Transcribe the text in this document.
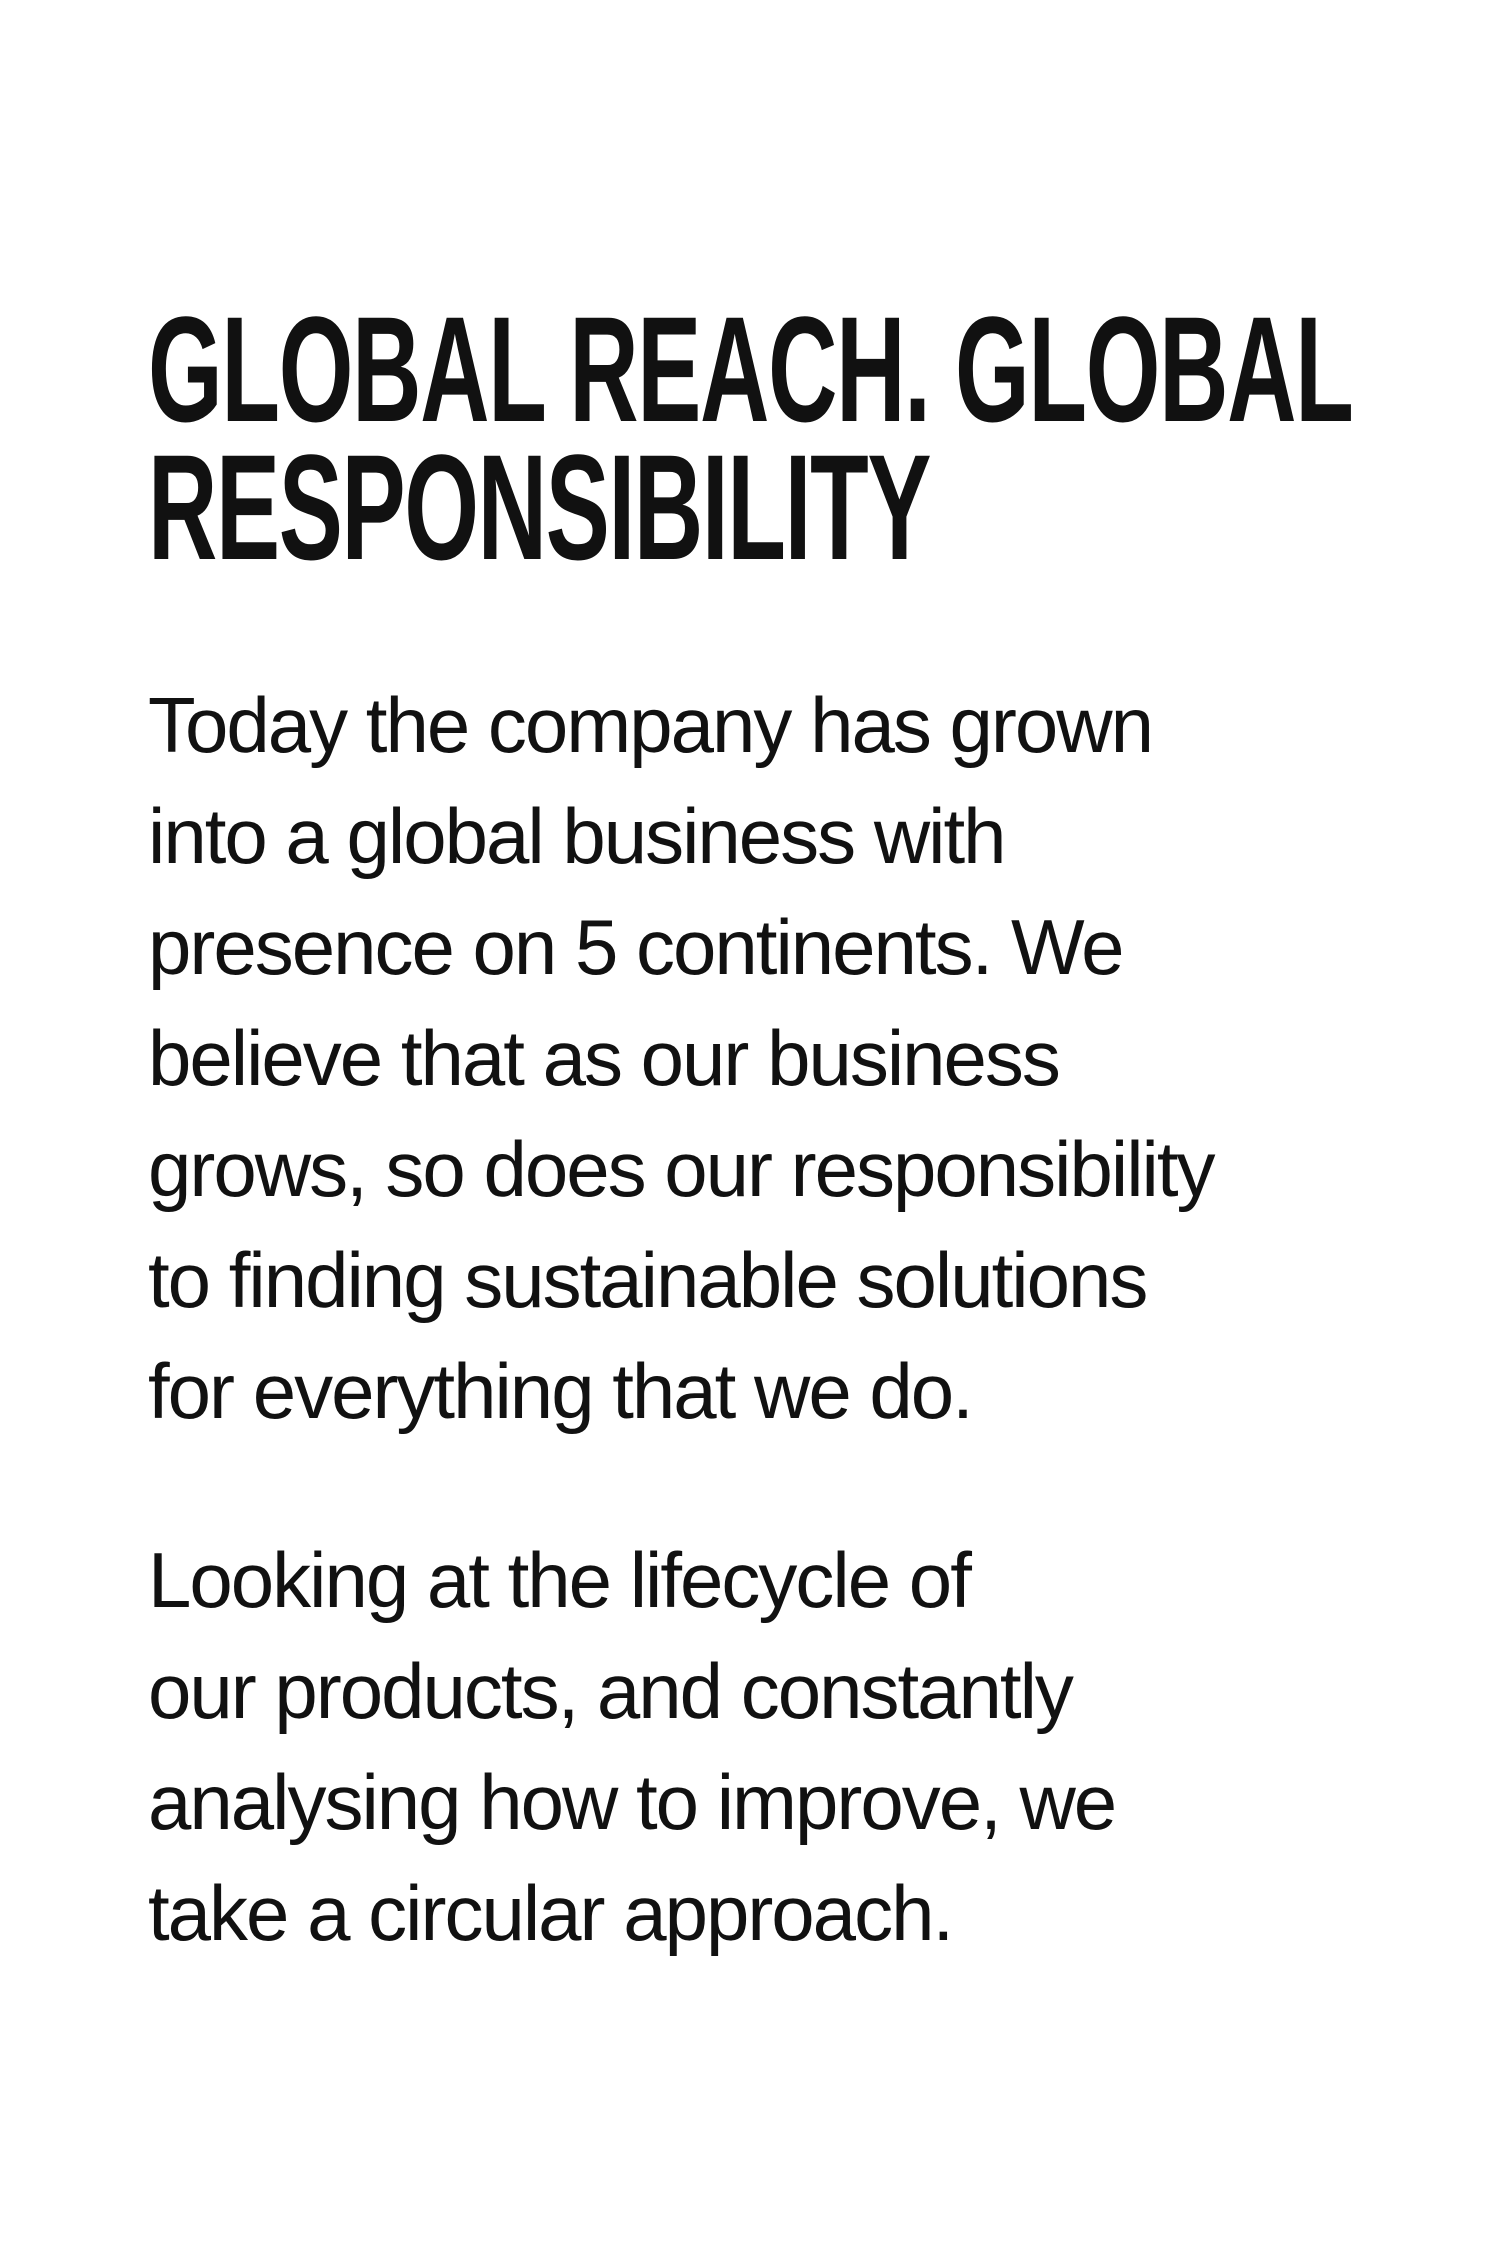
GLOBAL REACH. GLOBAL
RESPONSIBILITY

Today the company has grown
into a global business with
presence on 5 continents. We
believe that as our business
grows, so does our responsibility
to finding sustainable solutions
for everything that we do.

Looking at the lifecycle of
our products, and constantly
analysing how to improve, we
take a circular approach.
